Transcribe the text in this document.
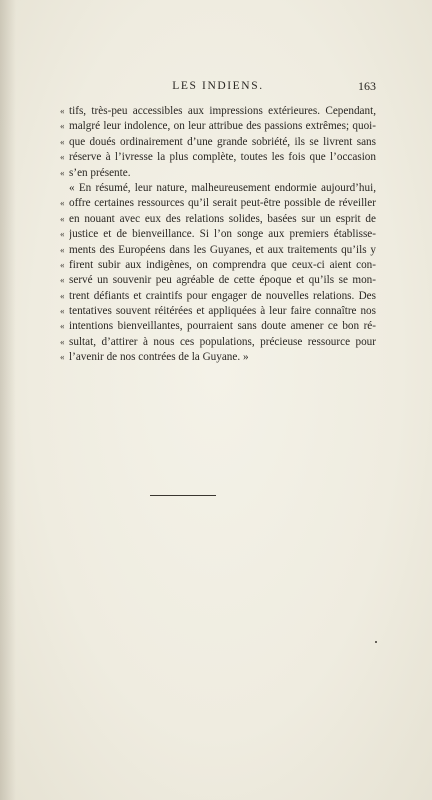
LES INDIENS.	163
« tifs, très-peu accessibles aux impressions extérieures. Cependant,
« malgré leur indolence, on leur attribue des passions extrêmes; quoi-
« que doués ordinairement d’une grande sobriété, ils se livrent sans
« réserve à l’ivresse la plus complète, toutes les fois que l’occasion
« s’en présente.
« En résumé, leur nature, malheureusement endormie aujourd’hui,
« offre certaines ressources qu’il serait peut-être possible de réveiller
« en nouant avec eux des relations solides, basées sur un esprit de
« justice et de bienveillance. Si l’on songe aux premiers établisse-
« ments des Européens dans les Guyanes, et aux traitements qu’ils y
« firent subir aux indigènes, on comprendra que ceux-ci aient con-
« servé un souvenir peu agréable de cette époque et qu’ils se mon-
« trent défiants et craintifs pour engager de nouvelles relations. Des
« tentatives souvent réitérées et appliquées à leur faire connaître nos
« intentions bienveillantes, pourraient sans doute amener ce bon ré-
« sultat, d’attirer à nous ces populations, précieuse ressource pour
« l’avenir de nos contrées de la Guyane. »
